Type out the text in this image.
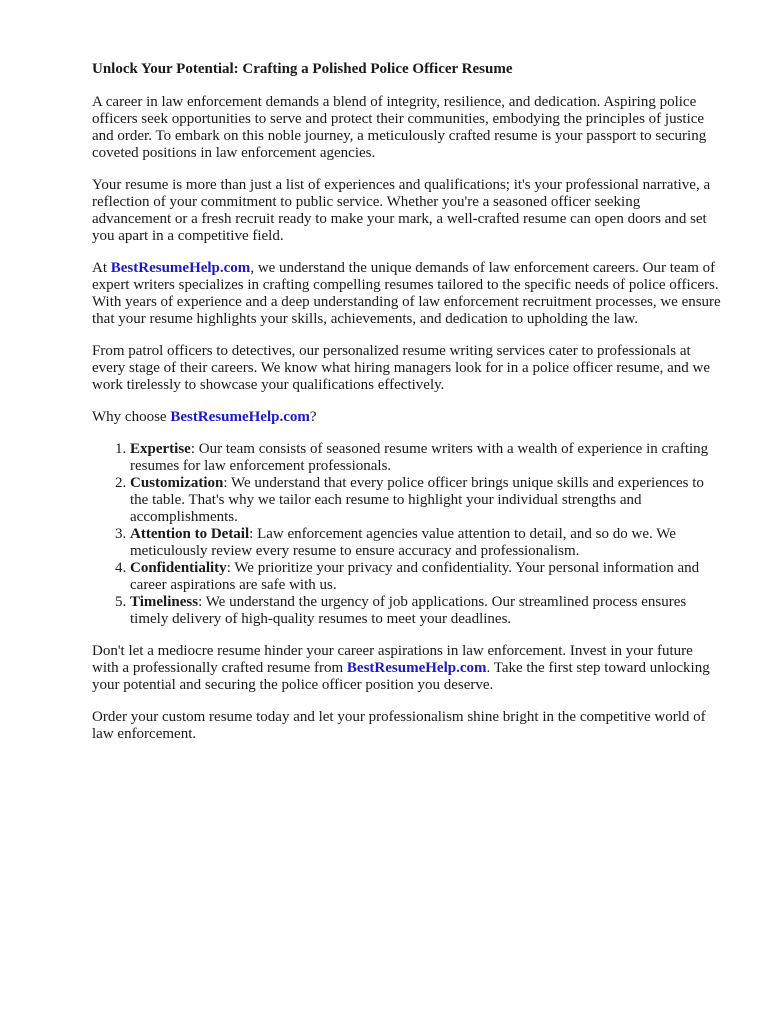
Unlock Your Potential: Crafting a Polished Police Officer Resume

A career in law enforcement demands a blend of integrity, resilience, and dedication. Aspiring police officers seek opportunities to serve and protect their communities, embodying the principles of justice and order. To embark on this noble journey, a meticulously crafted resume is your passport to securing coveted positions in law enforcement agencies.

Your resume is more than just a list of experiences and qualifications; it's your professional narrative, a reflection of your commitment to public service. Whether you're a seasoned officer seeking advancement or a fresh recruit ready to make your mark, a well-crafted resume can open doors and set you apart in a competitive field.

At BestResumeHelp.com, we understand the unique demands of law enforcement careers. Our team of expert writers specializes in crafting compelling resumes tailored to the specific needs of police officers. With years of experience and a deep understanding of law enforcement recruitment processes, we ensure that your resume highlights your skills, achievements, and dedication to upholding the law.

From patrol officers to detectives, our personalized resume writing services cater to professionals at every stage of their careers. We know what hiring managers look for in a police officer resume, and we work tirelessly to showcase your qualifications effectively.

Why choose BestResumeHelp.com?

1. Expertise: Our team consists of seasoned resume writers with a wealth of experience in crafting resumes for law enforcement professionals.
2. Customization: We understand that every police officer brings unique skills and experiences to the table. That's why we tailor each resume to highlight your individual strengths and accomplishments.
3. Attention to Detail: Law enforcement agencies value attention to detail, and so do we. We meticulously review every resume to ensure accuracy and professionalism.
4. Confidentiality: We prioritize your privacy and confidentiality. Your personal information and career aspirations are safe with us.
5. Timeliness: We understand the urgency of job applications. Our streamlined process ensures timely delivery of high-quality resumes to meet your deadlines.

Don't let a mediocre resume hinder your career aspirations in law enforcement. Invest in your future with a professionally crafted resume from BestResumeHelp.com. Take the first step toward unlocking your potential and securing the police officer position you deserve.

Order your custom resume today and let your professionalism shine bright in the competitive world of law enforcement.
